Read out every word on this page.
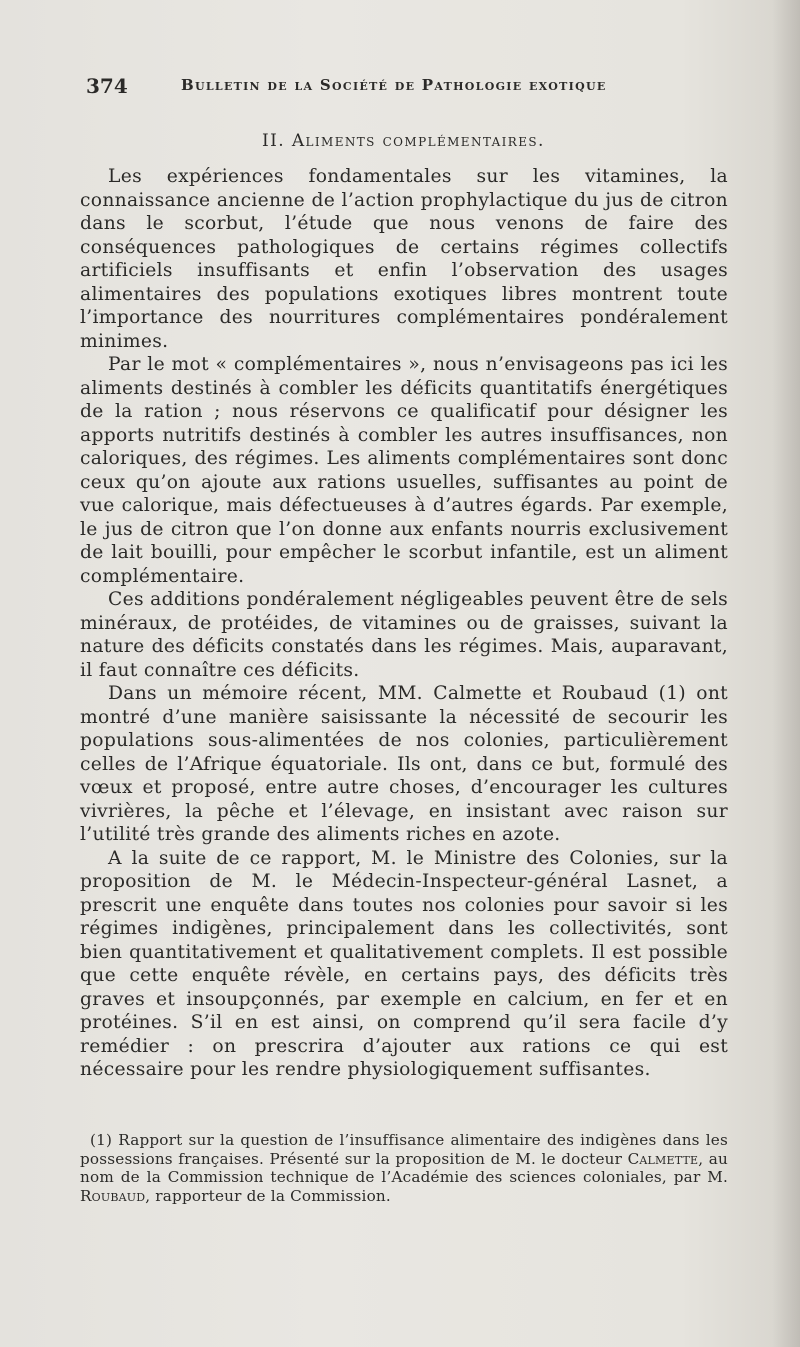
374	Bulletin de la Société de Pathologie exotique
II. Aliments complémentaires.

Les expériences fondamentales sur les vitamines, la connaissance ancienne de l’action prophylactique du jus de citron dans le scorbut, l’étude que nous venons de faire des conséquences pathologiques de certains régimes collectifs artificiels insuffisants et enfin l’observation des usages alimentaires des populations exotiques libres montrent toute l’importance des nourritures complémentaires pondéralement minimes.

Par le mot « complémentaires », nous n’envisageons pas ici les aliments destinés à combler les déficits quantitatifs énergétiques de la ration ; nous réservons ce qualificatif pour désigner les apports nutritifs destinés à combler les autres insuffisances, non caloriques, des régimes. Les aliments complémentaires sont donc ceux qu’on ajoute aux rations usuelles, suffisantes au point de vue calorique, mais défectueuses à d’autres égards. Par exemple, le jus de citron que l’on donne aux enfants nourris exclusivement de lait bouilli, pour empêcher le scorbut infantile, est un aliment complémentaire.

Ces additions pondéralement négligeables peuvent être de sels minéraux, de protéides, de vitamines ou de graisses, suivant la nature des déficits constatés dans les régimes. Mais, auparavant, il faut connaître ces déficits.

Dans un mémoire récent, MM. Calmette et Roubaud (1) ont montré d’une manière saisissante la nécessité de secourir les populations sous-alimentées de nos colonies, particulièrement celles de l’Afrique équatoriale. Ils ont, dans ce but, formulé des vœux et proposé, entre autre choses, d’encourager les cultures vivrières, la pêche et l’élevage, en insistant avec raison sur l’utilité très grande des aliments riches en azote.

A la suite de ce rapport, M. le Ministre des Colonies, sur la proposition de M. le Médecin-Inspecteur-général Lasnet, a prescrit une enquête dans toutes nos colonies pour savoir si les régimes indigènes, principalement dans les collectivités, sont bien quantitativement et qualitativement complets. Il est possible que cette enquête révèle, en certains pays, des déficits très graves et insoupçonnés, par exemple en calcium, en fer et en protéines. S’il en est ainsi, on comprend qu’il sera facile d’y remédier : on prescrira d’ajouter aux rations ce qui est nécessaire pour les rendre physiologiquement suffisantes.

(1) Rapport sur la question de l’insuffisance alimentaire des indigènes dans les possessions françaises. Présenté sur la proposition de M. le docteur Calmette, au nom de la Commission technique de l’Académie des sciences coloniales, par M. Roubaud, rapporteur de la Commission.
